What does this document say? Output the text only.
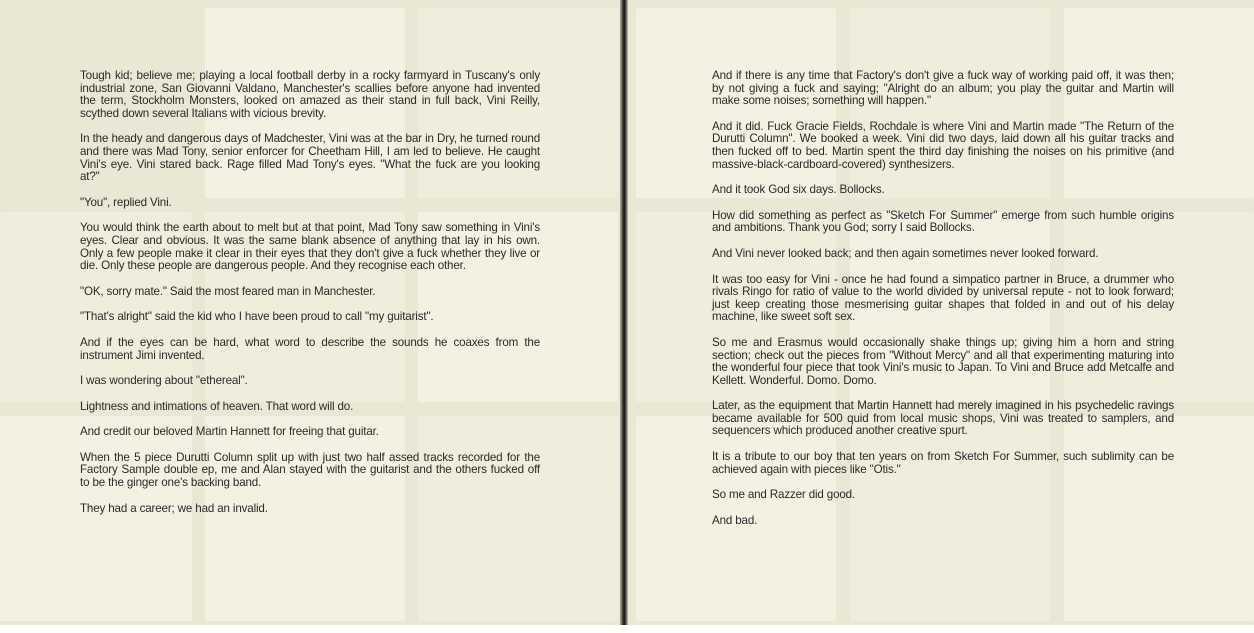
Tough kid; believe me; playing a local football derby in a rocky farmyard in Tuscany's only industrial zone, San Giovanni Valdano, Manchester's scallies before anyone had invented the term, Stockholm Monsters, looked on amazed as their stand in full back, Vini Reilly, scythed down several Italians with vicious brevity.

In the heady and dangerous days of Madchester, Vini was at the bar in Dry, he turned round and there was Mad Tony, senior enforcer for Cheetham Hill, I am led to believe. He caught Vini's eye. Vini stared back. Rage filled Mad Tony's eyes. "What the fuck are you looking at?"

"You", replied Vini.

You would think the earth about to melt but at that point, Mad Tony saw something in Vini's eyes. Clear and obvious. It was the same blank absence of anything that lay in his own. Only a few people make it clear in their eyes that they don't give a fuck whether they live or die. Only these people are dangerous people. And they recognise each other.

"OK, sorry mate." Said the most feared man in Manchester.

"That's alright" said the kid who I have been proud to call "my guitarist".

And if the eyes can be hard, what word to describe the sounds he coaxes from the instrument Jimi invented.

I was wondering about "ethereal".

Lightness and intimations of heaven. That word will do.

And credit our beloved Martin Hannett for freeing that guitar.

When the 5 piece Durutti Column split up with just two half assed tracks recorded for the Factory Sample double ep, me and Alan stayed with the guitarist and the others fucked off to be the ginger one's backing band.

They had a career; we had an invalid.

And if there is any time that Factory's don't give a fuck way of working paid off, it was then; by not giving a fuck and saying; "Alright do an album; you play the guitar and Martin will make some noises; something will happen."

And it did. Fuck Gracie Fields, Rochdale is where Vini and Martin made "The Return of the Durutti Column". We booked a week. Vini did two days, laid down all his guitar tracks and then fucked off to bed. Martin spent the third day finishing the noises on his primitive (and massive-black-cardboard-covered) synthesizers.

And it took God six days. Bollocks.

How did something as perfect as "Sketch For Summer" emerge from such humble origins and ambitions. Thank you God; sorry I said Bollocks.

And Vini never looked back; and then again sometimes never looked forward.

It was too easy for Vini - once he had found a simpatico partner in Bruce, a drummer who rivals Ringo for ratio of value to the world divided by universal repute - not to look forward; just keep creating those mesmerising guitar shapes that folded in and out of his delay machine, like sweet soft sex.

So me and Erasmus would occasionally shake things up; giving him a horn and string section; check out the pieces from "Without Mercy" and all that experimenting maturing into the wonderful four piece that took Vini's music to Japan. To Vini and Bruce add Metcalfe and Kellett. Wonderful. Domo. Domo.

Later, as the equipment that Martin Hannett had merely imagined in his psychedelic ravings became available for 500 quid from local music shops, Vini was treated to samplers, and sequencers which produced another creative spurt.

It is a tribute to our boy that ten years on from Sketch For Summer, such sublimity can be achieved again with pieces like "Otis."

So me and Razzer did good.

And bad.
